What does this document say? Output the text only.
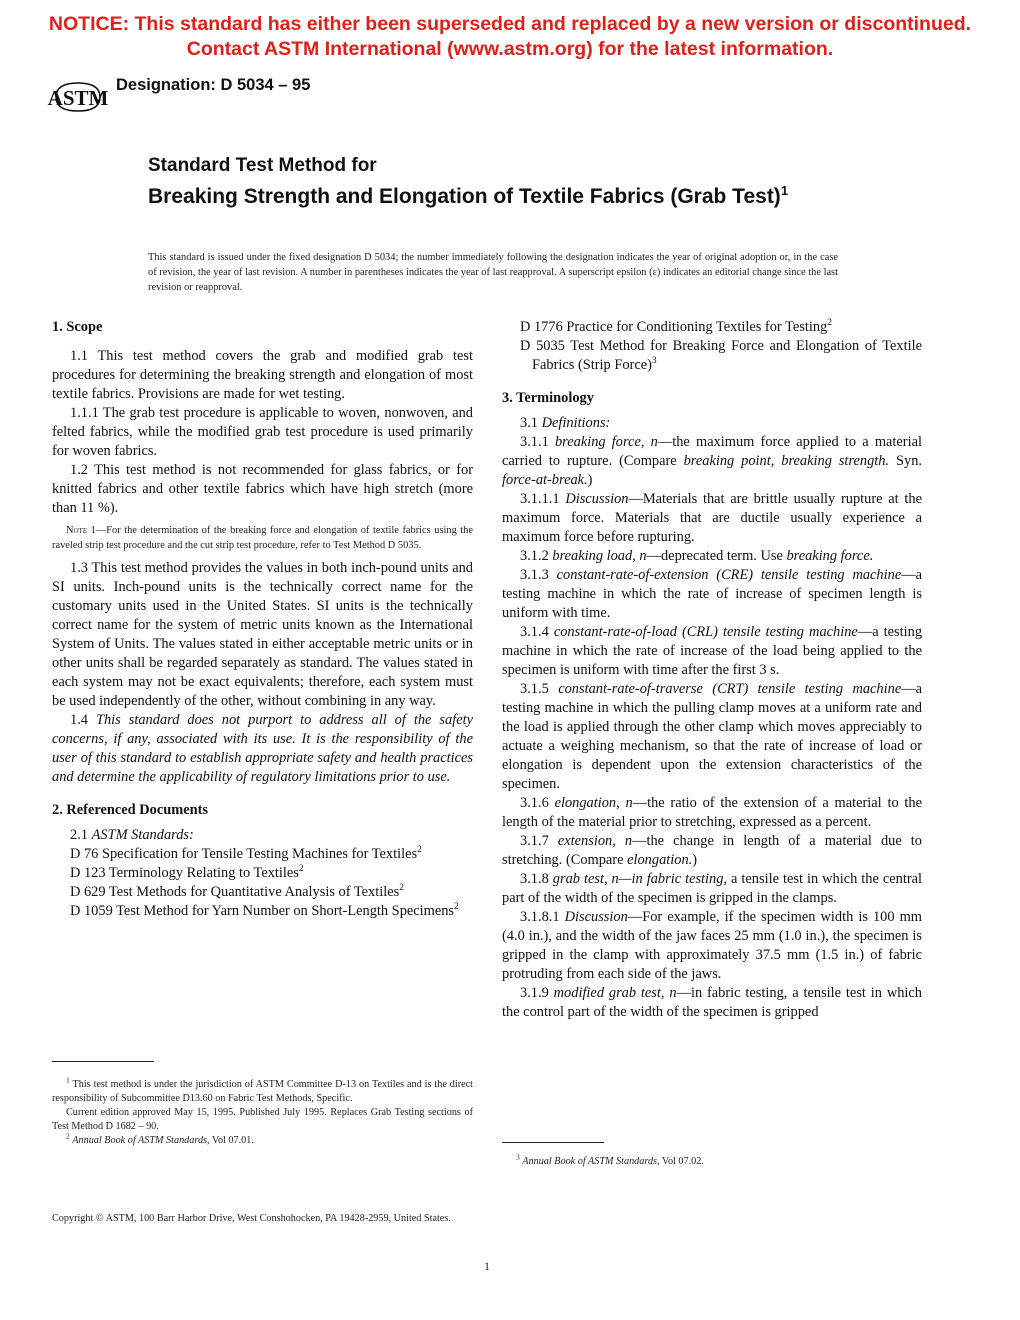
NOTICE: This standard has either been superseded and replaced by a new version or discontinued.
Contact ASTM International (www.astm.org) for the latest information.
ASTM
Designation: D 5034 – 95
Standard Test Method for
Breaking Strength and Elongation of Textile Fabrics (Grab Test)$^1$
This standard is issued under the fixed designation D 5034; the number immediately following the designation indicates the year of original adoption or, in the case of revision, the year of last revision. A number in parentheses indicates the year of last reapproval. A superscript epsilon (ε) indicates an editorial change since the last revision or reapproval.
1. Scope

1.1 This test method covers the grab and modified grab test procedures for determining the breaking strength and elongation of most textile fabrics. Provisions are made for wet testing.

1.1.1 The grab test procedure is applicable to woven, nonwoven, and felted fabrics, while the modified grab test procedure is used primarily for woven fabrics.

1.2 This test method is not recommended for glass fabrics, or for knitted fabrics and other textile fabrics which have high stretch (more than 11 %).

Note 1—For the determination of the breaking force and elongation of textile fabrics using the raveled strip test procedure and the cut strip test procedure, refer to Test Method D 5035.

1.3 This test method provides the values in both inch-pound units and SI units. Inch-pound units is the technically correct name for the customary units used in the United States. SI units is the technically correct name for the system of metric units known as the International System of Units. The values stated in either acceptable metric units or in other units shall be regarded separately as standard. The values stated in each system may not be exact equivalents; therefore, each system must be used independently of the other, without combining in any way.

1.4 This standard does not purport to address all of the safety concerns, if any, associated with its use. It is the responsibility of the user of this standard to establish appropriate safety and health practices and determine the applicability of regulatory limitations prior to use.

2. Referenced Documents

2.1 ASTM Standards:

D 76 Specification for Tensile Testing Machines for Textiles$^2$

D 123 Terminology Relating to Textiles$^2$

D 629 Test Methods for Quantitative Analysis of Textiles$^2$

D 1059 Test Method for Yarn Number on Short-Length Specimens$^2$

D 1776 Practice for Conditioning Textiles for Testing$^2$

D 5035 Test Method for Breaking Force and Elongation of Textile Fabrics (Strip Force)$^3$

3. Terminology

3.1 Definitions:

3.1.1 breaking force, n—the maximum force applied to a material carried to rupture. (Compare breaking point, breaking strength. Syn. force-at-break.)

3.1.1.1 Discussion—Materials that are brittle usually rupture at the maximum force. Materials that are ductile usually experience a maximum force before rupturing.

3.1.2 breaking load, n—deprecated term. Use breaking force.

3.1.3 constant-rate-of-extension (CRE) tensile testing machine—a testing machine in which the rate of increase of specimen length is uniform with time.

3.1.4 constant-rate-of-load (CRL) tensile testing machine—a testing machine in which the rate of increase of the load being applied to the specimen is uniform with time after the first 3 s.

3.1.5 constant-rate-of-traverse (CRT) tensile testing machine—a testing machine in which the pulling clamp moves at a uniform rate and the load is applied through the other clamp which moves appreciably to actuate a weighing mechanism, so that the rate of increase of load or elongation is dependent upon the extension characteristics of the specimen.

3.1.6 elongation, n—the ratio of the extension of a material to the length of the material prior to stretching, expressed as a percent.

3.1.7 extension, n—the change in length of a material due to stretching. (Compare elongation.)

3.1.8 grab test, n—in fabric testing, a tensile test in which the central part of the width of the specimen is gripped in the clamps.

3.1.8.1 Discussion—For example, if the specimen width is 100 mm (4.0 in.), and the width of the jaw faces 25 mm (1.0 in.), the specimen is gripped in the clamp with approximately 37.5 mm (1.5 in.) of fabric protruding from each side of the jaws.

3.1.9 modified grab test, n—in fabric testing, a tensile test in which the control part of the width of the specimen is gripped

$^1$ This test method is under the jurisdiction of ASTM Committee D-13 on Textiles and is the direct responsibility of Subcommittee D13.60 on Fabric Test Methods, Specific.

Current edition approved May 15, 1995. Published July 1995. Replaces Grab Testing sections of Test Method D 1682 – 90.

$^2$ Annual Book of ASTM Standards, Vol 07.01.

$^3$ Annual Book of ASTM Standards, Vol 07.02.

Copyright © ASTM, 100 Barr Harbor Drive, West Conshohocken, PA 19428-2959, United States.
1
